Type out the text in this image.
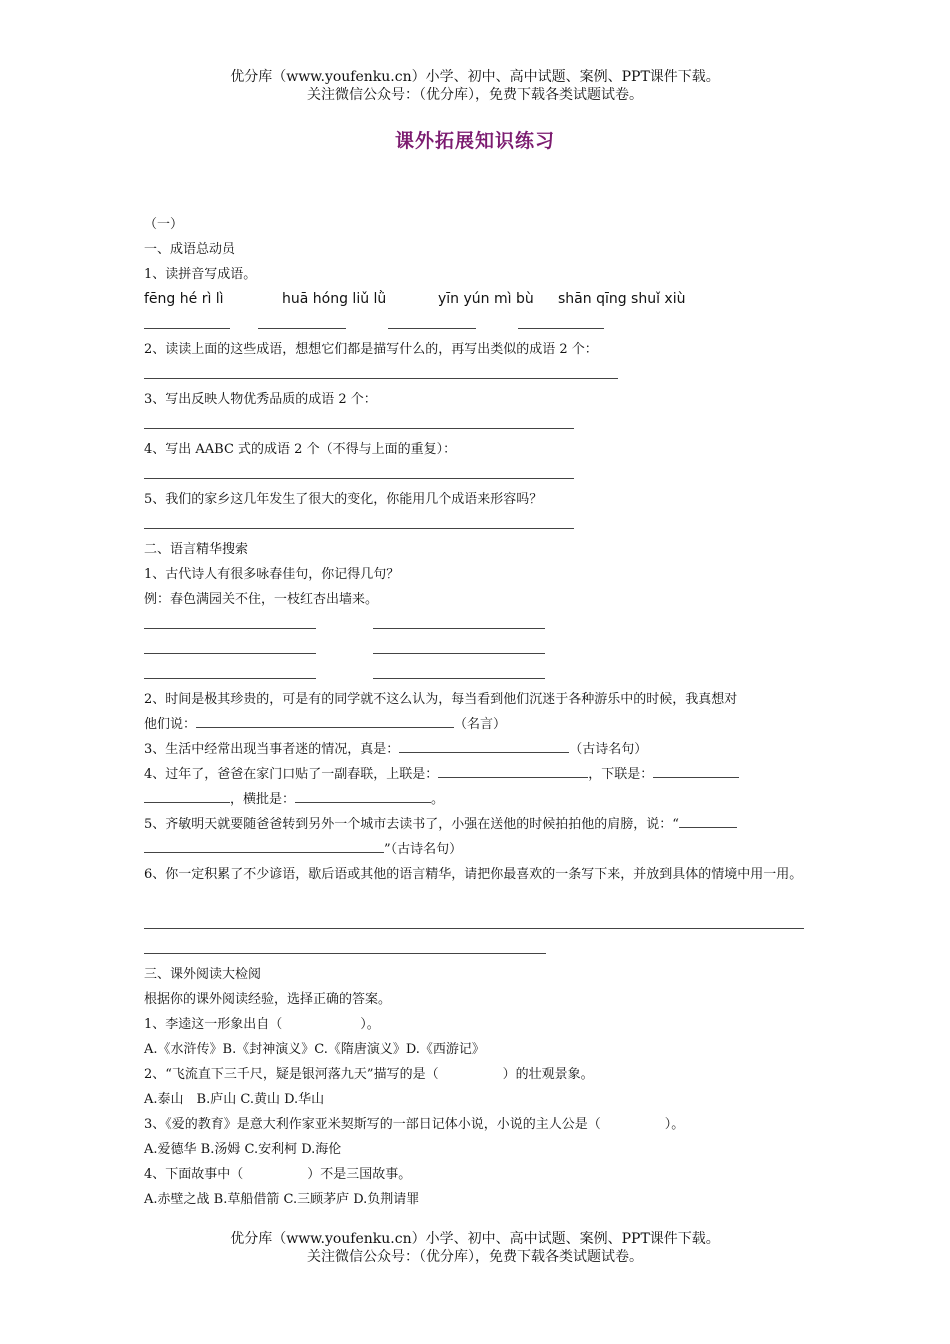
优分库（www.youfenku.cn）小学、初中、高中试题、案例、PPT课件下载。
关注微信公众号：（优分库），免费下载各类试题试卷。
课外拓展知识练习
（一）
一、成语总动员
1、读拼音写成语。
fēng hé rì lì	huā hóng liǔ lǜ	yīn yún mì bù shān qīng shuǐ xiù
2、读读上面的这些成语，想想它们都是描写什么的，再写出类似的成语 2 个：
3、写出反映人物优秀品质的成语 2 个：
4、写出 AABC 式的成语 2 个（不得与上面的重复）：
5、我们的家乡这几年发生了很大的变化，你能用几个成语来形容吗？
二、语言精华搜索
1、古代诗人有很多咏春佳句，你记得几句？
例：春色满园关不住，一枝红杏出墙来。
2、时间是极其珍贵的，可是有的同学就不这么认为，每当看到他们沉迷于各种游乐中的时候，我真想对
他们说：	（名言）
3、生活中经常出现当事者迷的情况，真是：	（古诗名句）
4、过年了，爸爸在家门口贴了一副春联，上联是：	，下联是：
，横批是：	。
5、齐敏明天就要随爸爸转到另外一个城市去读书了，小强在送他的时候拍拍他的肩膀，说：“
”（古诗名句）
6、你一定积累了不少谚语，歇后语或其他的语言精华，请把你最喜欢的一条写下来，并放到具体的情境中用一用。
三、课外阅读大检阅
根据你的课外阅读经验，选择正确的答案。
1、李逵这一形象出自（	）。
A.《水浒传》B.《封神演义》C.《隋唐演义》D.《西游记》
2、“飞流直下三千尺，疑是银河落九天”描写的是（	）的壮观景象。
A.泰山　B.庐山 C.黄山 D.华山
3、《爱的教育》是意大利作家亚米契斯写的一部日记体小说，小说的主人公是（	）。
A.爱德华 B.汤姆 C.安利柯 D.海伦
4、下面故事中（	）不是三国故事。
A.赤壁之战 B.草船借箭 C.三顾茅庐 D.负荆请罪
优分库（www.youfenku.cn）小学、初中、高中试题、案例、PPT课件下载。
关注微信公众号：（优分库），免费下载各类试题试卷。
